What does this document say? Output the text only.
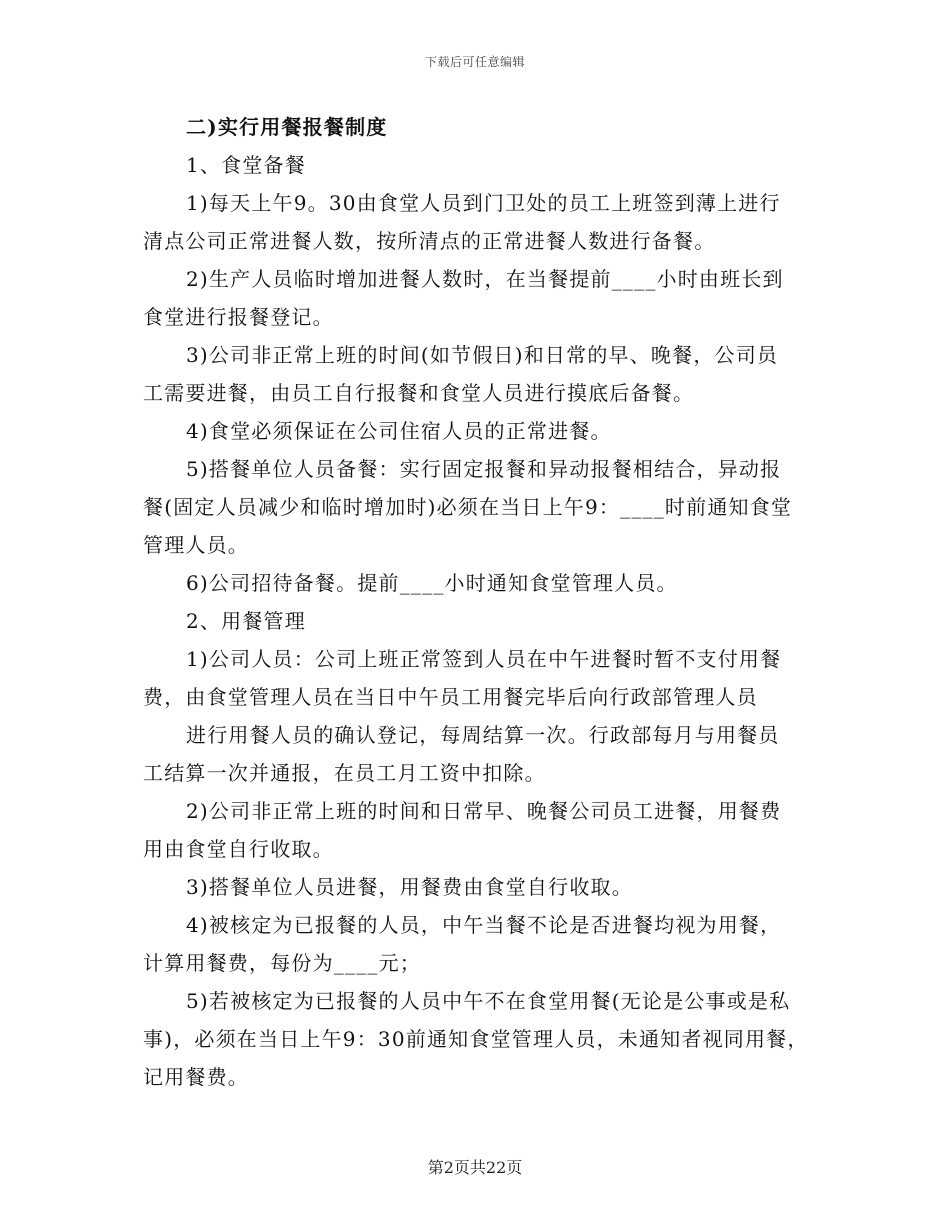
下载后可任意编辑
二)实行用餐报餐制度
1、食堂备餐
1)每天上午9。30由食堂人员到门卫处的员工上班签到薄上进行
清点公司正常进餐人数，按所清点的正常进餐人数进行备餐。
2)生产人员临时增加进餐人数时，在当餐提前____小时由班长到
食堂进行报餐登记。
3)公司非正常上班的时间(如节假日)和日常的早、晚餐，公司员
工需要进餐，由员工自行报餐和食堂人员进行摸底后备餐。
4)食堂必须保证在公司住宿人员的正常进餐。
5)搭餐单位人员备餐：实行固定报餐和异动报餐相结合，异动报
餐(固定人员减少和临时增加时)必须在当日上午9：____时前通知食堂
管理人员。
6)公司招待备餐。提前____小时通知食堂管理人员。
2、用餐管理
1)公司人员：公司上班正常签到人员在中午进餐时暂不支付用餐
费，由食堂管理人员在当日中午员工用餐完毕后向行政部管理人员
进行用餐人员的确认登记，每周结算一次。行政部每月与用餐员
工结算一次并通报，在员工月工资中扣除。
2)公司非正常上班的时间和日常早、晚餐公司员工进餐，用餐费
用由食堂自行收取。
3)搭餐单位人员进餐，用餐费由食堂自行收取。
4)被核定为已报餐的人员，中午当餐不论是否进餐均视为用餐，
计算用餐费，每份为____元；
5)若被核定为已报餐的人员中午不在食堂用餐(无论是公事或是私
事)，必须在当日上午9：30前通知食堂管理人员，未通知者视同用餐，
记用餐费。
第2页共22页
